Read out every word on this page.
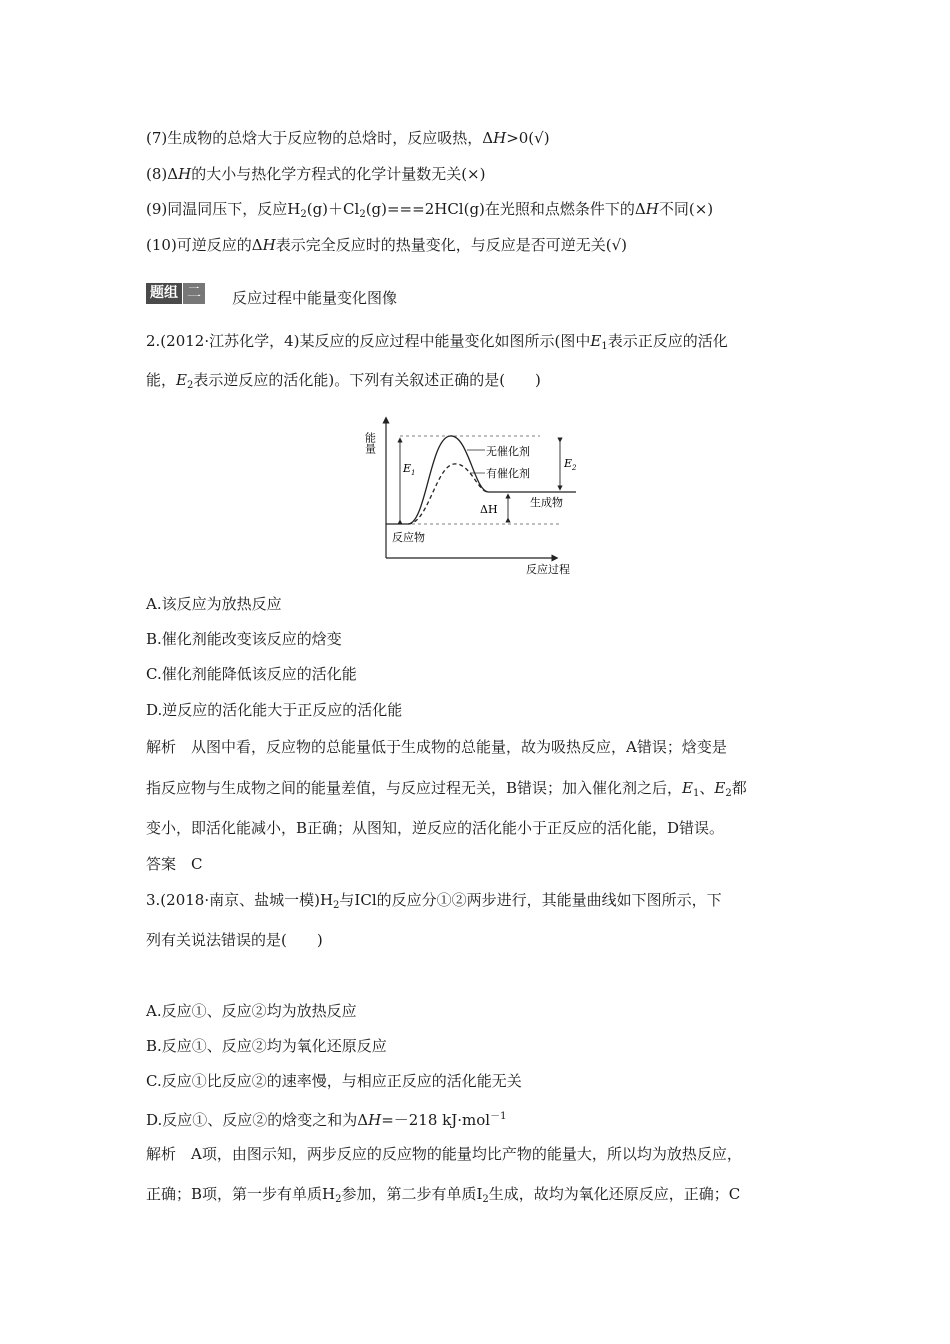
(7)生成物的总焓大于反应物的总焓时，反应吸热，ΔH>0(√)
(8)ΔH的大小与热化学方程式的化学计量数无关(×)
(9)同温同压下，反应$H_2(g)+Cl_2(g)===2HCl(g)$在光照和点燃条件下的ΔH不同(×)
(10)可逆反应的ΔH表示完全反应时的热量变化，与反应是否可逆无关(√)
题组 二 反应过程中能量变化图像
2.(2012·江苏化学，4)某反应的反应过程中能量变化如图所示(图中$E_1$表示正反应的活化
能，$E_2$表示逆反应的活化能)。下列有关叙述正确的是(　　)
能量
反应过程
$E_1$
$E_2$
ΔH
无催化剂
有催化剂
反应物
生成物
A.该反应为放热反应
B.催化剂能改变该反应的焓变
C.催化剂能降低该反应的活化能
D.逆反应的活化能大于正反应的活化能
解析　 从图中看，反应物的总能量低于生成物的总能量，故为吸热反应，A错误；焓变是
指反应物与生成物之间的能量差值，与反应过程无关，B错误；加入催化剂之后，$E_1$、$E_2$都
变小，即活化能减小，B正确；从图知，逆反应的活化能小于正反应的活化能，D错误。
答案　 C
3.(2018·南京、盐城一模)$H_2$与ICl的反应分①②两步进行，其能量曲线如下图所示，下
列有关说法错误的是(　　)
A.反应①、反应②均为放热反应
B.反应①、反应②均为氧化还原反应
C.反应①比反应②的速率慢，与相应正反应的活化能无关
D.反应①、反应②的焓变之和为ΔH=－218 kJ·mol$^{-1}$
解析　 A项，由图示知，两步反应的反应物的能量均比产物的能量大，所以均为放热反应，
正确；B项，第一步有单质$H_2$参加，第二步有单质$I_2$生成，故均为氧化还原反应，正确；C
